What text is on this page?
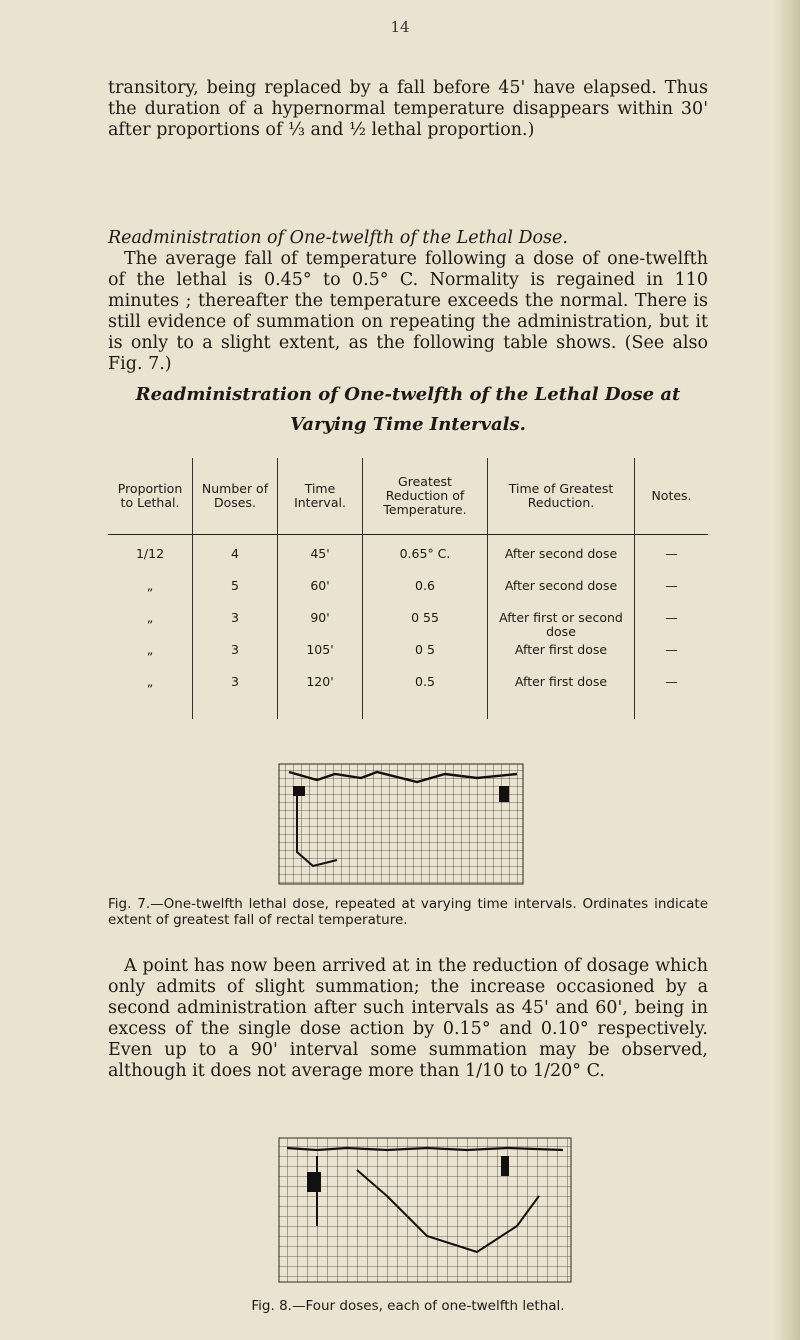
14

transitory, being replaced by a fall before 45' have elapsed. Thus the duration of a hypernormal temperature disappears within 30' after proportions of ⅓ and ½ lethal proportion.)

Readministration of One-twelfth of the Lethal Dose.
The average fall of temperature following a dose of one-twelfth of the lethal is 0.45° to 0.5° C. Normality is regained in 110 minutes ; thereafter the temperature exceeds the normal. There is still evidence of summation on repeating the administration, but it is only to a slight extent, as the following table shows. (See also Fig. 7.)

Readministration of One-twelfth of the Lethal Dose at
Varying Time Intervals.
Proportion to Lethal.	Number of Doses.	Time Interval.	Greatest Reduction of Temperature.	Time of Greatest Reduction.	Notes.
1/12	4	45'	0.65° C.	After second dose	—
„	5	60'	0.6	After second dose	—
„	3	90'	0 55	After first or second dose	—
„	3	105'	0 5	After first dose	—
„	3	120'	0.5	After first dose	—

Fig. 7.—One-twelfth lethal dose, repeated at varying time intervals. Ordinates indicate extent of greatest fall of rectal temperature.

A point has now been arrived at in the reduction of dosage which only admits of slight summation; the increase occasioned by a second administration after such intervals as 45' and 60', being in excess of the single dose action by 0.15° and 0.10° respectively. Even up to a 90' interval some summation may be observed, although it does not average more than 1/10 to 1/20° C.

Fig. 8.—Four doses, each of one-twelfth lethal.
